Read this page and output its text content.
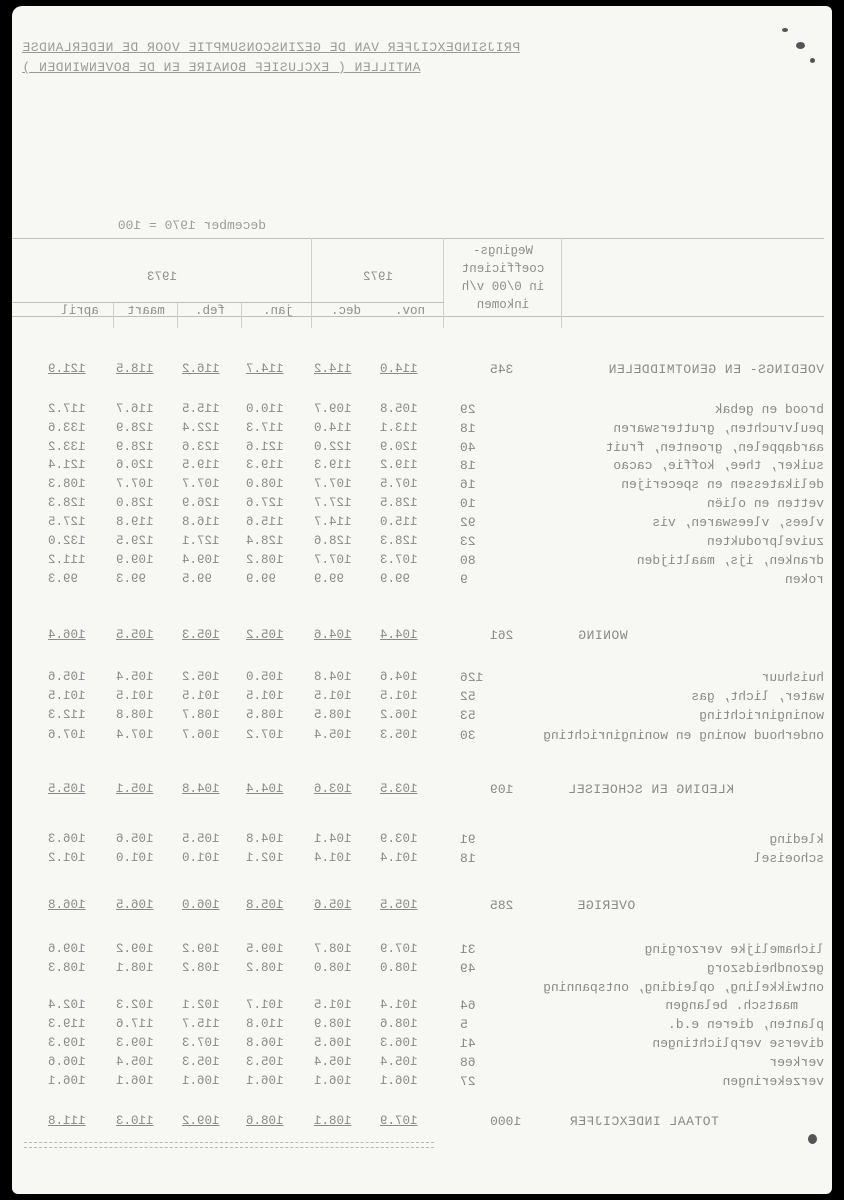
PRIJSINDEXCIJFER VAN DE GEZINSCONSUMPTIE VOOR DE NEDERLANDSE
ANTILLEN ( EXCLUSIEF BONAIRE EN DE BOVENWINDEN )
december 1970 = 100
Wegings-
coefficient
in 0/00 v/h
inkomen
1972
1973
nov.
dec.
jan.
feb.
maart
april
VOEDINGS- EN GENOTMIDDELEN
345
114.0
114.2
114.7
116.2
118.5
121.9
brood en gebak
29
105.8
109.7
110.0
115.5
116.7
117.2
peulvruchten, grutterswaren
18
113.1
114.0
117.3
122.4
128.9
133.6
aardappelen, groenten, fruit
40
120.9
122.0
121.6
123.6
128.9
133.2
suiker, thee, koffie, cacao
18
119.2
119.3
119.3
119.5
120.6
121.4
delikatessen en specerijen
16
107.5
107.7
108.0
107.7
107.7
108.3
vetten en oliën
10
128.5
127.7
127.6
126.9
128.0
128.3
vlees, vleeswaren, vis
92
115.0
114.7
115.6
116.8
119.8
127.5
zuivelprodukten
23
128.3
128.6
128.4
127.1
129.5
132.0
dranken, ijs, maaltijden
80
107.3
107.7
108.2
109.4
109.9
111.2
roken
9
99.9
99.9
99.9
99.5
99.3
99.3
WONING
261
104.4
104.6
105.2
105.3
105.5
106.4
huishuur
126
104.6
104.8
105.0
105.2
105.4
105.6
water, licht, gas
52
101.5
101.5
101.5
101.5
101.5
101.5
woninginrichting
53
106.2
108.5
108.5
108.7
108.8
112.3
onderhoud woning en woninginrichting
30
105.3
105.4
107.2
106.7
107.4
107.6
KLEDING EN SCHOEISEL
109
103.5
103.6
104.4
104.8
105.1
105.5
kleding
91
103.9
104.1
104.8
105.5
105.6
106.3
schoeisel
18
101.4
101.4
102.1
101.0
101.0
101.2
OVERIGE
285
105.5
105.6
105.8
106.0
106.5
106.8
lichamelijke verzorging
31
107.9
108.7
109.5
109.2
109.2
109.6
gezondheidszorg
49
108.0
108.0
108.2
108.2
108.1
108.3
ontwikkeling, opleiding, ontspanning
maatsch. belangen
64
101.4
101.5
101.7
102.1
102.3
102.4
planten, dieren e.d.
5
108.6
108.9
110.8
115.7
117.6
119.3
diverse verplichtingen
41
106.3
106.5
106.8
107.3
109.3
109.3
verkeer
68
105.4
105.4
105.3
105.3
105.4
106.6
verzekeringen
27
106.1
106.1
106.1
106.1
106.1
106.1
TOTAAL INDEXCIJFER
1000
107.9
108.1
108.6
109.2
110.3
111.8
